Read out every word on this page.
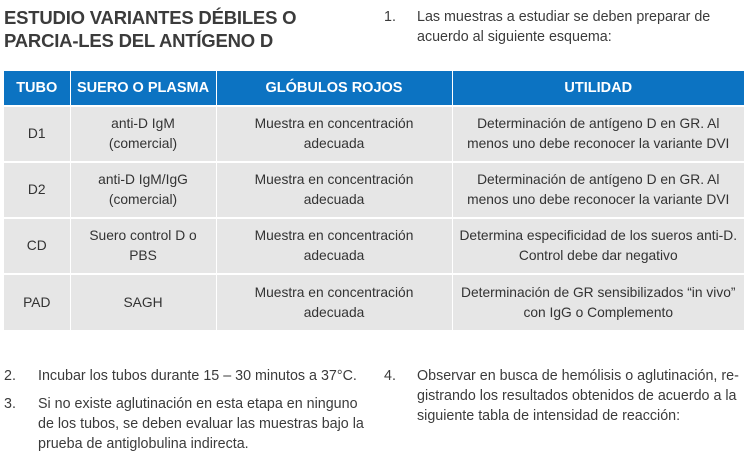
ESTUDIO VARIANTES DÉBILES O PARCIA-LES DEL ANTÍGENO D
1.	Las muestras a estudiar se deben preparar de acuerdo al siguiente esquema:
TUBO	SUERO O PLASMA	GLÓBULOS ROJOS	UTILIDAD
D1	anti-D IgM (comercial)	Muestra en concentración adecuada	Determinación de antígeno D en GR. Al menos uno debe reconocer la variante DVI
D2	anti-D IgM/IgG (comercial)	Muestra en concentración adecuada	Determinación de antígeno D en GR. Al menos uno debe reconocer la variante DVI
CD	Suero control D o PBS	Muestra en concentración adecuada	Determina especificidad de los sueros anti-D. Control debe dar negativo
PAD	SAGH	Muestra en concentración adecuada	Determinación de GR sensibilizados “in vivo” con IgG o Complemento
2.	Incubar los tubos durante 15 – 30 minutos a 37°C.
3.	Si no existe aglutinación en esta etapa en ninguno de los tubos, se deben evaluar las muestras bajo la prueba de antiglobulina indirecta.
4.	Observar en busca de hemólisis o aglutinación, re-gistrando los resultados obtenidos de acuerdo a la siguiente tabla de intensidad de reacción:
